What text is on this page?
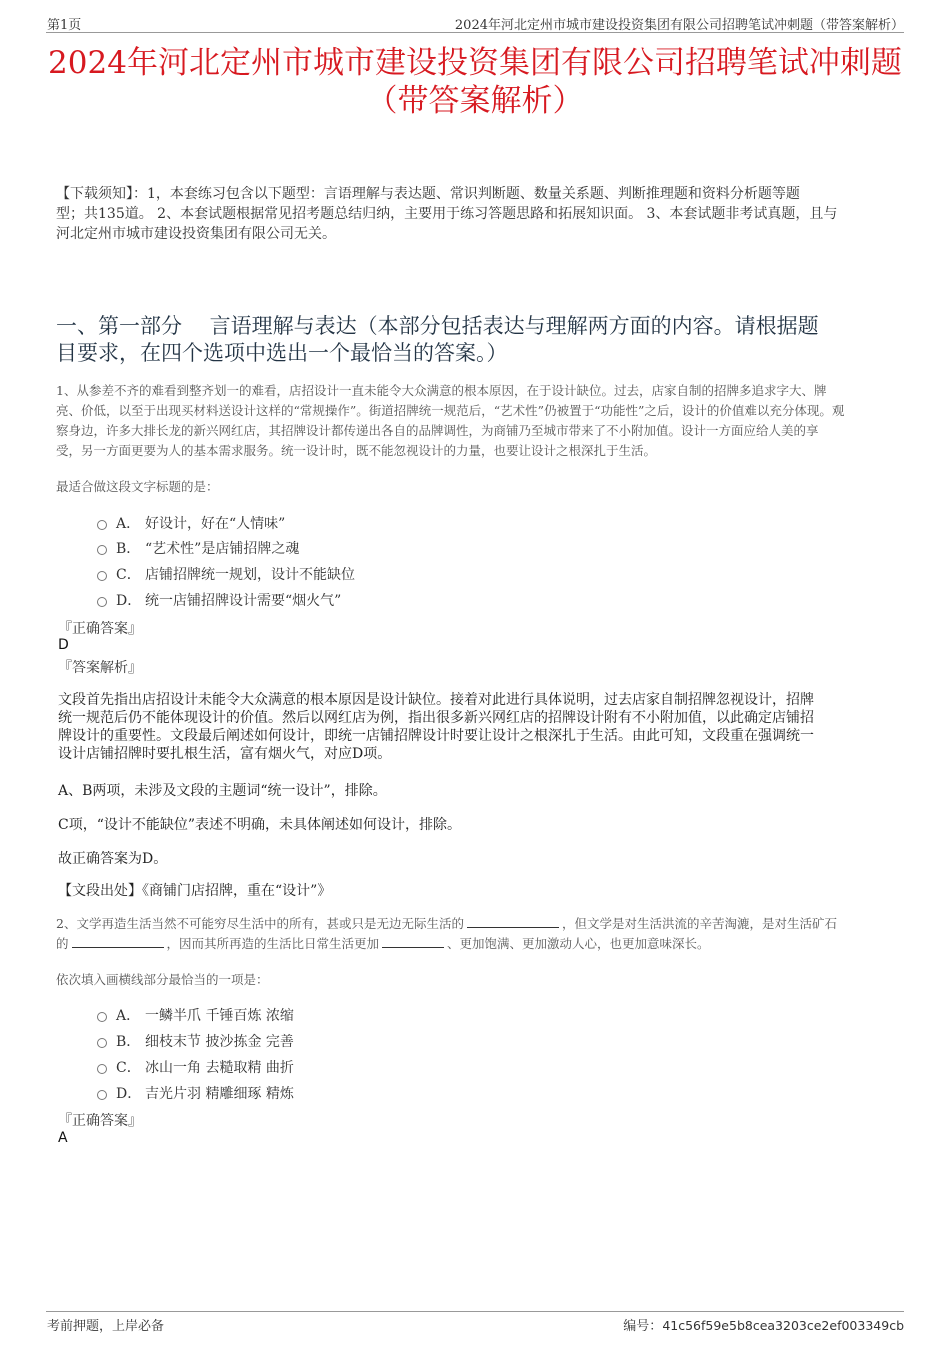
第1页	2024年河北定州市城市建设投资集团有限公司招聘笔试冲刺题（带答案解析）
2024年河北定州市城市建设投资集团有限公司招聘笔试冲刺题
（带答案解析）
【下载须知】：1，本套练习包含以下题型：言语理解与表达题、常识判断题、数量关系题、判断推理题和资料分析题等题
型；共135道。 2、本套试题根据常见招考题总结归纳，主要用于练习答题思路和拓展知识面。 3、本套试题非考试真题，且与
河北定州市城市建设投资集团有限公司无关。
一、第一部分　 言语理解与表达（本部分包括表达与理解两方面的内容。请根据题
目要求，在四个选项中选出一个最恰当的答案。）
1、从参差不齐的难看到整齐划一的难看，店招设计一直未能令大众满意的根本原因，在于设计缺位。过去，店家自制的招牌多追求字大、牌
亮、价低，以至于出现买材料送设计这样的“常规操作”。街道招牌统一规范后，“艺术性”仍被置于“功能性”之后，设计的价值难以充分体现。观
察身边，许多大排长龙的新兴网红店，其招牌设计都传递出各自的品牌调性，为商铺乃至城市带来了不小附加值。设计一方面应给人美的享
受，另一方面更要为人的基本需求服务。统一设计时，既不能忽视设计的力量，也要让设计之根深扎于生活。
最适合做这段文字标题的是：
A． 好设计，好在“人情味”
B． “艺术性”是店铺招牌之魂
C． 店铺招牌统一规划，设计不能缺位
D． 统一店铺招牌设计需要“烟火气”
『正确答案』
D
『答案解析』
文段首先指出店招设计未能令大众满意的根本原因是设计缺位。接着对此进行具体说明，过去店家自制招牌忽视设计，招牌
统一规范后仍不能体现设计的价值。然后以网红店为例，指出很多新兴网红店的招牌设计附有不小附加值，以此确定店铺招
牌设计的重要性。文段最后阐述如何设计，即统一店铺招牌设计时要让设计之根深扎于生活。由此可知，文段重在强调统一
设计店铺招牌时要扎根生活，富有烟火气，对应D项。
A、B两项，未涉及文段的主题词“统一设计”，排除。
C项，“设计不能缺位”表述不明确，未具体阐述如何设计，排除。
故正确答案为D。
【文段出处】《商铺门店招牌，重在“设计”》
2、文学再造生活当然不可能穷尽生活中的所有，甚或只是无边无际生活的	，但文学是对生活洪流的辛苦淘漉，是对生活矿石
的	，因而其所再造的生活比日常生活更加	、更加饱满、更加激动人心，也更加意味深长。
依次填入画横线部分最恰当的一项是：
A． 一鳞半爪 千锤百炼 浓缩
B． 细枝末节 披沙拣金 完善
C． 冰山一角 去糙取精 曲折
D． 吉光片羽 精雕细琢 精炼
『正确答案』
A
考前押题，上岸必备	编号：41c56f59e5b8cea3203ce2ef003349cb
